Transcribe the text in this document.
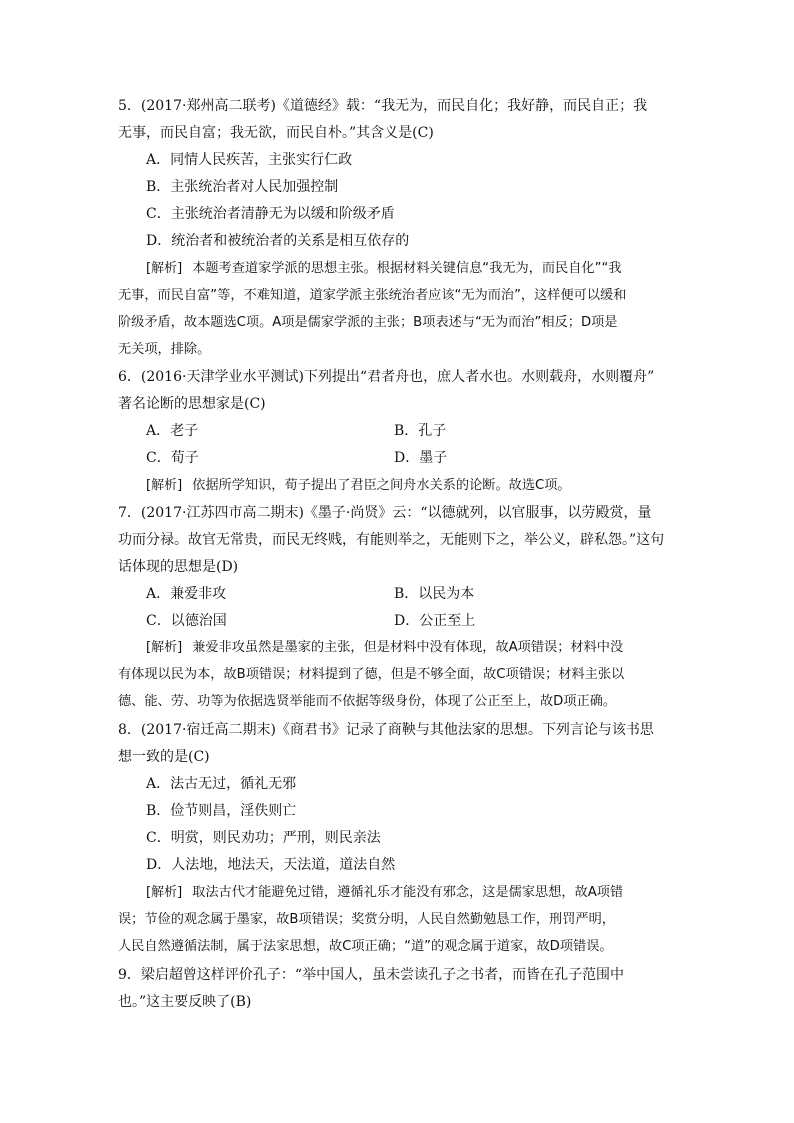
5．(2017·郑州高二联考)《道德经》载：“我无为，而民自化；我好静，而民自正；我
无事，而民自富；我无欲，而民自朴。”其含义是(C)
A．同情人民疾苦，主张实行仁政
B．主张统治者对人民加强控制
C．主张统治者清静无为以缓和阶级矛盾
D．统治者和被统治者的关系是相互依存的
[解析] 本题考查道家学派的思想主张。根据材料关键信息“我无为，而民自化”“我
无事，而民自富”等，不难知道，道家学派主张统治者应该“无为而治”，这样便可以缓和
阶级矛盾，故本题选C项。A项是儒家学派的主张；B项表述与“无为而治”相反；D项是
无关项，排除。
6．(2016·天津学业水平测试)下列提出“君者舟也，庶人者水也。水则载舟，水则覆舟”
著名论断的思想家是(C)
A．老子	B．孔子
C．荀子	D．墨子
[解析] 依据所学知识，荀子提出了君臣之间舟水关系的论断。故选C项。
7．(2017·江苏四市高二期末)《墨子·尚贤》云：“以德就列，以官服事，以劳殿赏，量
功而分禄。故官无常贵，而民无终贱，有能则举之，无能则下之，举公义，辟私怨。”这句
话体现的思想是(D)
A．兼爱非攻	B．以民为本
C．以德治国	D．公正至上
[解析] 兼爱非攻虽然是墨家的主张，但是材料中没有体现，故A项错误；材料中没
有体现以民为本，故B项错误；材料提到了德，但是不够全面，故C项错误；材料主张以
德、能、劳、功等为依据选贤举能而不依据等级身份，体现了公正至上，故D项正确。
8．(2017·宿迁高二期末)《商君书》记录了商鞅与其他法家的思想。下列言论与该书思
想一致的是(C)
A．法古无过，循礼无邪
B．俭节则昌，淫佚则亡
C．明赏，则民劝功；严刑，则民亲法
D．人法地，地法天，天法道，道法自然
[解析] 取法古代才能避免过错，遵循礼乐才能没有邪念，这是儒家思想，故A项错
误；节俭的观念属于墨家，故B项错误；奖赏分明，人民自然勤勉恳工作，刑罚严明，
人民自然遵循法制，属于法家思想，故C项正确；“道”的观念属于道家，故D项错误。
9．梁启超曾这样评价孔子：“举中国人，虽未尝读孔子之书者，而皆在孔子范围中
也。”这主要反映了(B)
